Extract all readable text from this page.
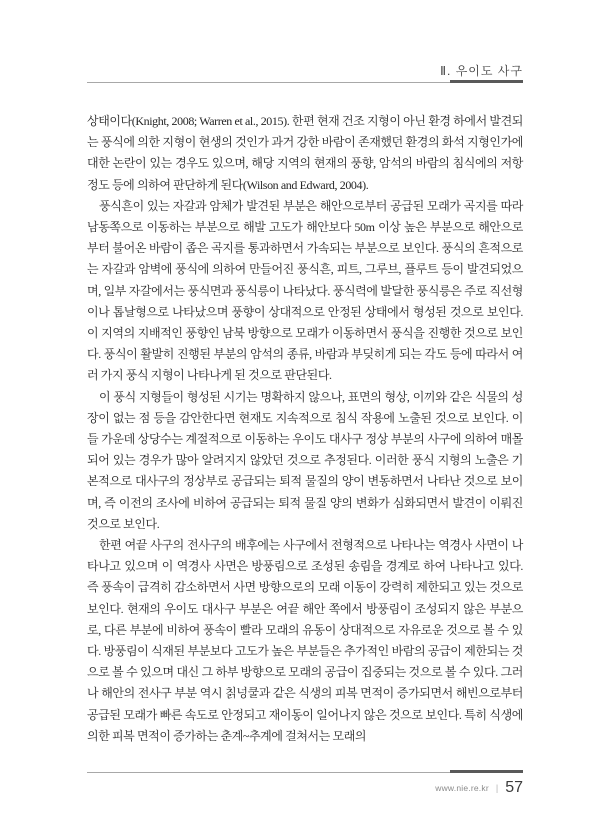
Ⅱ. 우이도 사구

상태이다(Knight, 2008; Warren et al., 2015). 한편 현재 건조 지형이 아닌 환경 하에서 발견되는 풍식에 의한 지형이 현생의 것인가 과거 강한 바람이 존재했던 환경의 화석 지형인가에 대한 논란이 있는 경우도 있으며, 해당 지역의 현재의 풍향, 암석의 바람의 침식에의 저항 정도 등에 의하여 판단하게 된다(Wilson and Edward, 2004).

풍식흔이 있는 자갈과 암체가 발견된 부분은 해안으로부터 공급된 모래가 곡지를 따라 남동쪽으로 이동하는 부분으로 해발 고도가 해안보다 50m 이상 높은 부분으로 해안으로부터 불어온 바람이 좁은 곡지를 통과하면서 가속되는 부분으로 보인다. 풍식의 흔적으로는 자갈과 암벽에 풍식에 의하여 만들어진 풍식흔, 피트, 그루브, 플루트 등이 발견되었으며, 일부 자갈에서는 풍식면과 풍식릉이 나타났다. 풍식력에 발달한 풍식릉은 주로 직선형이나 톱날형으로 나타났으며 풍향이 상대적으로 안정된 상태에서 형성된 것으로 보인다. 이 지역의 지배적인 풍향인 남북 방향으로 모래가 이동하면서 풍식을 진행한 것으로 보인다. 풍식이 활발히 진행된 부분의 암석의 종류, 바람과 부딪히게 되는 각도 등에 따라서 여러 가지 풍식 지형이 나타나게 된 것으로 판단된다.

이 풍식 지형들이 형성된 시기는 명확하지 않으나, 표면의 형상, 이끼와 같은 식물의 성장이 없는 점 등을 감안한다면 현재도 지속적으로 침식 작용에 노출된 것으로 보인다. 이들 가운데 상당수는 계절적으로 이동하는 우이도 대사구 정상 부분의 사구에 의하여 매몰되어 있는 경우가 많아 알려지지 않았던 것으로 추정된다. 이러한 풍식 지형의 노출은 기본적으로 대사구의 정상부로 공급되는 퇴적 물질의 양이 변동하면서 나타난 것으로 보이며, 즉 이전의 조사에 비하여 공급되는 퇴적 물질 양의 변화가 심화되면서 발견이 이뤄진 것으로 보인다.

한편 여끝 사구의 전사구의 배후에는 사구에서 전형적으로 나타나는 역경사 사면이 나타나고 있으며 이 역경사 사면은 방풍림으로 조성된 송림을 경계로 하여 나타나고 있다. 즉 풍속이 급격히 감소하면서 사면 방향으로의 모래 이동이 강력히 제한되고 있는 것으로 보인다. 현재의 우이도 대사구 부분은 여끝 해안 쪽에서 방풍림이 조성되지 않은 부분으로, 다른 부분에 비하여 풍속이 빨라 모래의 유동이 상대적으로 자유로운 것으로 볼 수 있다. 방풍림이 식재된 부분보다 고도가 높은 부분들은 추가적인 바람의 공급이 제한되는 것으로 볼 수 있으며 대신 그 하부 방향으로 모래의 공급이 집중되는 것으로 볼 수 있다. 그러나 해안의 전사구 부분 역시 칡넝쿨과 같은 식생의 피복 면적이 증가되면서 해빈으로부터 공급된 모래가 빠른 속도로 안정되고 재이동이 일어나지 않은 것으로 보인다. 특히 식생에 의한 피복 면적이 증가하는 춘계~추계에 걸쳐서는 모래의

www.nie.re.kr | 57
